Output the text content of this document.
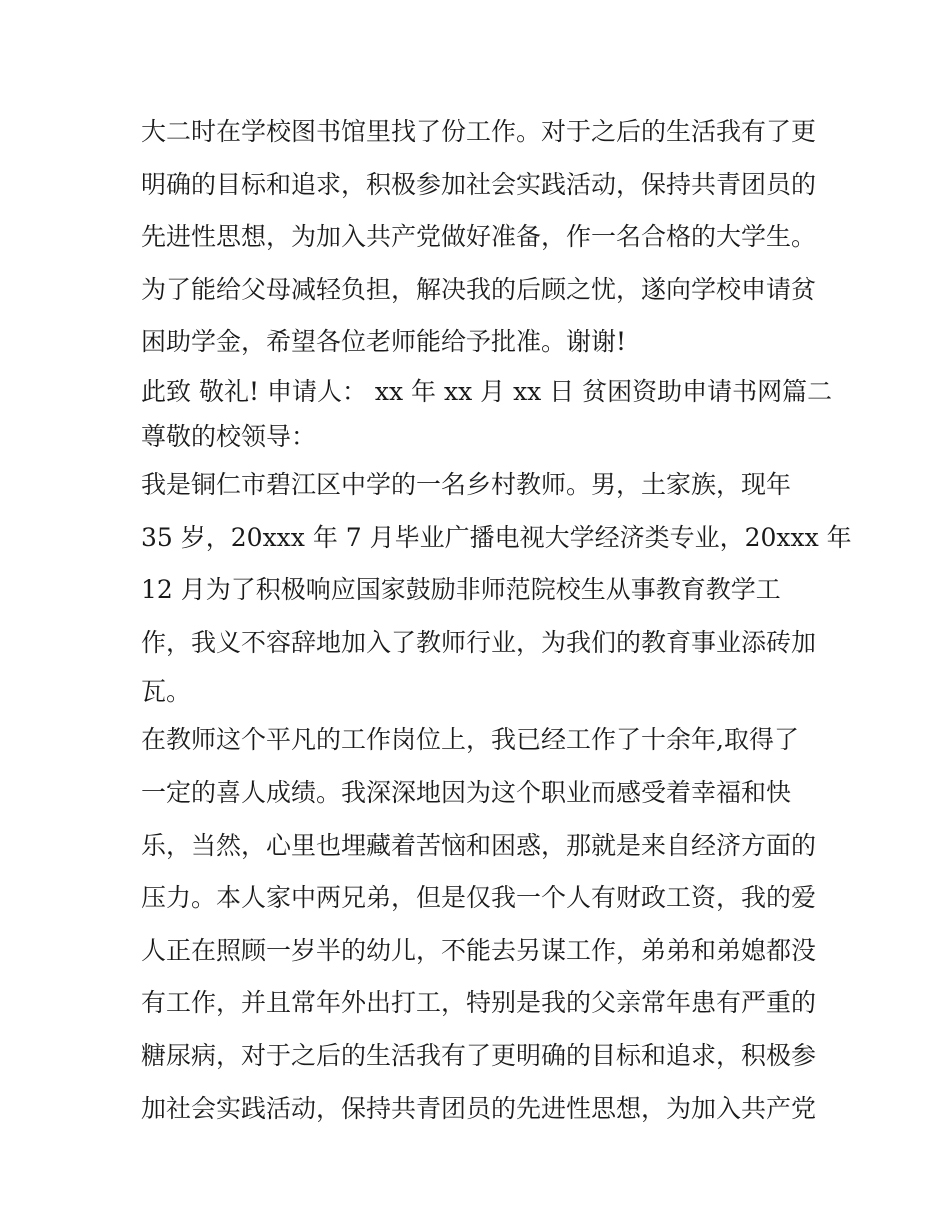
大二时在学校图书馆里找了份工作。对于之后的生活我有了更
明确的目标和追求，积极参加社会实践活动，保持共青团员的
先进性思想，为加入共产党做好准备，作一名合格的大学生。
为了能给父母减轻负担，解决我的后顾之忧，遂向学校申请贫
困助学金，希望各位老师能给予批准。谢谢!
此致 敬礼! 申请人： xx 年 xx 月 xx 日 贫困资助申请书网篇二
尊敬的校领导：
我是铜仁市碧江区中学的一名乡村教师。男，土家族，现年
35 岁，20xxx 年 7 月毕业广播电视大学经济类专业，20xxx 年
12 月为了积极响应国家鼓励非师范院校生从事教育教学工
作，我义不容辞地加入了教师行业，为我们的教育事业添砖加
瓦。
在教师这个平凡的工作岗位上，我已经工作了十余年,取得了
一定的喜人成绩。我深深地因为这个职业而感受着幸福和快
乐，当然，心里也埋藏着苦恼和困惑，那就是来自经济方面的
压力。本人家中两兄弟，但是仅我一个人有财政工资，我的爱
人正在照顾一岁半的幼儿，不能去另谋工作，弟弟和弟媳都没
有工作，并且常年外出打工，特别是我的父亲常年患有严重的
糖尿病，对于之后的生活我有了更明确的目标和追求，积极参
加社会实践活动，保持共青团员的先进性思想，为加入共产党
